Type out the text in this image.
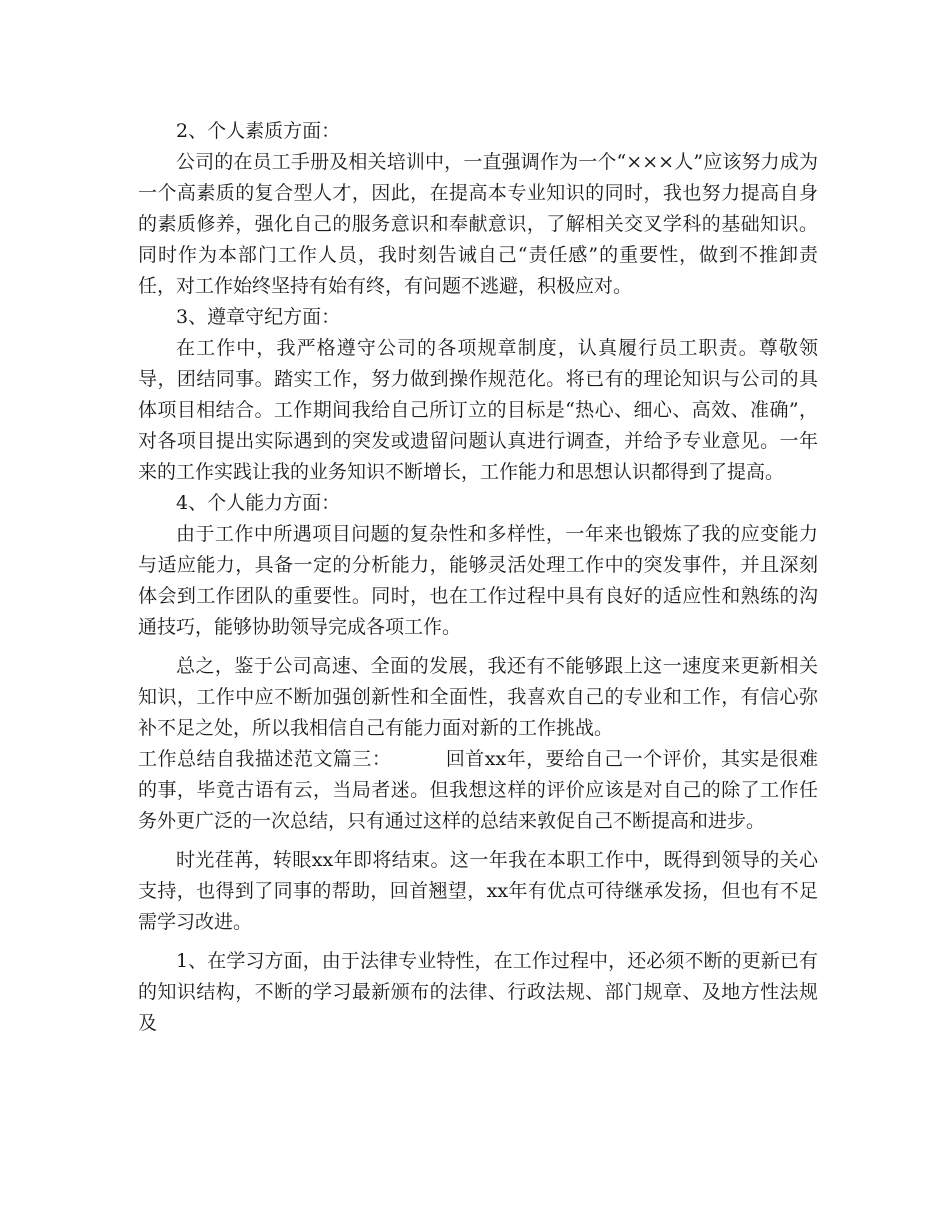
2、个人素质方面：

公司的在员工手册及相关培训中，一直强调作为一个“×××人”应该努力成为一个高素质的复合型人才，因此，在提高本专业知识的同时，我也努力提高自身的素质修养，强化自己的服务意识和奉献意识，了解相关交叉学科的基础知识。同时作为本部门工作人员，我时刻告诫自己“责任感”的重要性，做到不推卸责任，对工作始终坚持有始有终，有问题不逃避，积极应对。

3、遵章守纪方面：

在工作中，我严格遵守公司的各项规章制度，认真履行员工职责。尊敬领导，团结同事。踏实工作，努力做到操作规范化。将已有的理论知识与公司的具体项目相结合。工作期间我给自己所订立的目标是“热心、细心、高效、准确”，对各项目提出实际遇到的突发或遗留问题认真进行调查，并给予专业意见。一年来的工作实践让我的业务知识不断增长，工作能力和思想认识都得到了提高。

4、个人能力方面：

由于工作中所遇项目问题的复杂性和多样性，一年来也锻炼了我的应变能力与适应能力，具备一定的分析能力，能够灵活处理工作中的突发事件，并且深刻体会到工作团队的重要性。同时，也在工作过程中具有良好的适应性和熟练的沟通技巧，能够协助领导完成各项工作。

总之，鉴于公司高速、全面的发展，我还有不能够跟上这一速度来更新相关知识，工作中应不断加强创新性和全面性，我喜欢自己的专业和工作，有信心弥补不足之处，所以我相信自己有能力面对新的工作挑战。

工作总结自我描述范文篇三：	回首xx年，要给自己一个评价，其实是很难的事，毕竟古语有云，当局者迷。但我想这样的评价应该是对自己的除了工作任务外更广泛的一次总结，只有通过这样的总结来敦促自己不断提高和进步。

时光荏苒，转眼xx年即将结束。这一年我在本职工作中，既得到领导的关心支持，也得到了同事的帮助，回首翘望，xx年有优点可待继承发扬，但也有不足需学习改进。

1、在学习方面，由于法律专业特性，在工作过程中，还必须不断的更新已有的知识结构，不断的学习最新颁布的法律、行政法规、部门规章、及地方性法规及
